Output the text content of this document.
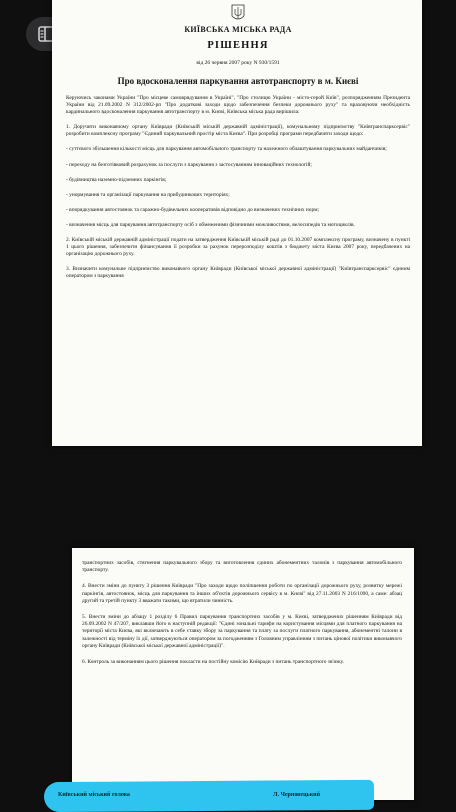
КИЇВСЬКА МІСЬКА РАДА
РІШЕННЯ
від 26 червня 2007 року N 930/1591
Про вдосконалення паркування автотранспорту в м. Києві
Керуючись законами України "Про місцеве самоврядування в Україні", "Про столицю України - місто-герой Київ", розпорядженням Президента України від 21.09.2002 N 312/2002-рп "Про додаткові заходи щодо забезпечення безпеки дорожнього руху" та враховуючи необхідність кардинального вдосконалення паркування автотранспорту в м. Києві, Київська міська рада вирішила:
1. Доручити виконавчому органу Київради (Київській міській державній адміністрації), комунальному підприємству "Київтранспарксервіс" розробити комплексну програму "Єдиний паркувальний простір міста Києва". При розробці програми передбачити заходи щодо:
- суттєвого збільшення кількості місць для паркування автомобільного транспорту та належного облаштування паркувальних майданчиків;
- переходу на безготівковий розрахунок за послуги з паркування з застосуванням інноваційних технологій;
- будівництва наземно-підземних паркінгів;
- унормування та організації паркування на прибудинкових територіях;
- впорядкування автостоянок та гаражно-будівельних кооперативів відповідно до визначених технічних норм;
- визначення місць для паркування автотранспорту осіб з обмеженими фізичними можливостями, велосипедів та мотоциклів.
2. Київській міській державній адміністрації подати на затвердження Київській міській раді до 01.10.2007 комплексну програму, визначену в пункті 1 цього рішення, забезпечити фінансування її розробки за рахунок перерозподілу коштів з бюджету міста Києва 2007 року, передбачених на організацію дорожнього руху.
3. Визначити комунальне підприємство виконавчого органу Київради (Київської міської державної адміністрації) "Київтранспарксервіс" єдиним оператором з паркування
транспортних засобів, стягнення паркувального збору та виготовлення єдиних абонементних талонів з паркування автомобільного транспорту.
4. Внести зміни до пункту 3 рішення Київради "Про заходи щодо поліпшення роботи по організації дорожнього руху, розвитку мережі паркінгів, автостоянок, місць для паркування та інших об'єктів дорожнього сервісу в м. Києві" від 27.11.2003 N 216/1090, а саме: абзац другий та третій пункту 3 вважати такими, що втратили чинність.
5. Внести зміни до абзацу 1 розділу 6 Правил паркування транспортних засобів у м. Києві, затверджених рішенням Київради від 26.09.2002 N 47/207, виклавши його в наступній редакції: "Єдині зональні тарифи на користування місцями для платного паркування на території міста Києва, які включають в себе ставку збору за паркування та плату за послуги платного паркування, абонементні талони в залежності від терміну їх дії, затверджуються оператором за погодженням з Головним управлінням з питань цінової політики виконавчого органу Київради (Київської міської державної адміністрації)".
6. Контроль за виконанням цього рішення покласти на постійну комісію Київради з питань транспортного зв'язку.
Київський міський голова	Л. Черновецький
